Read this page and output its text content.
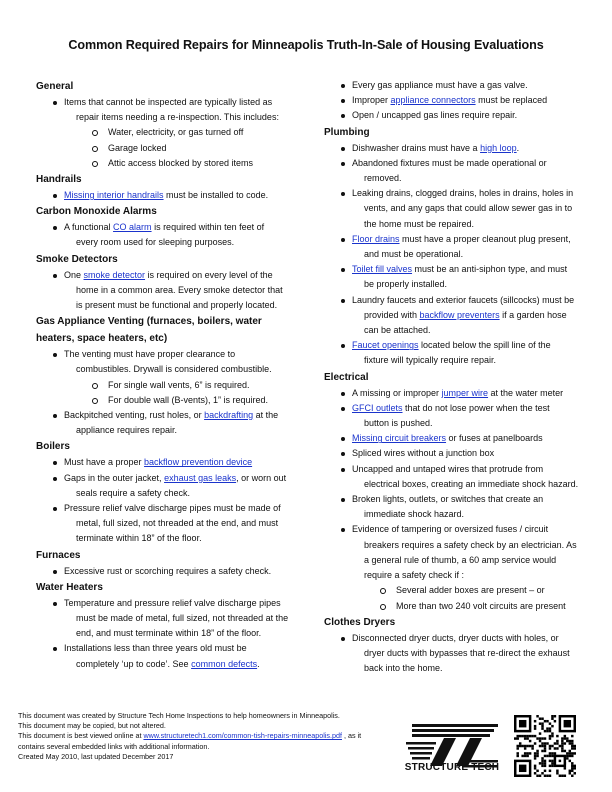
Common Required Repairs for Minneapolis Truth-In-Sale of Housing Evaluations
General
Items that cannot be inspected are typically listed as

repair items needing a re-inspection. This includes:
Water, electricity, or gas turned off
Garage locked
Attic access blocked by stored items
Handrails
Missing interior handrails must be installed to code.
Carbon Monoxide Alarms
A functional CO alarm is required within ten feet of

every room used for sleeping purposes.
Smoke Detectors
One smoke detector is required on every level of the

home in a common area. Every smoke detector that
is present must be functional and properly located.
Gas Appliance Venting (furnaces, boilers, water
heaters, space heaters, etc)
The venting must have proper clearance to

combustibles. Drywall is considered combustible.
For single wall vents, 6” is required.
For double wall (B-vents), 1” is required.
Backpitched venting, rust holes, or backdrafting at the

appliance requires repair.
Boilers
Must have a proper backflow prevention device
Gaps in the outer jacket, exhaust gas leaks, or worn out

seals require a safety check.
Pressure relief valve discharge pipes must be made of

metal, full sized, not threaded at the end, and must
terminate within 18” of the floor.
Furnaces
Excessive rust or scorching requires a safety check.
Water Heaters
Temperature and pressure relief valve discharge pipes

must be made of metal, full sized, not threaded at the
end, and must terminate within 18” of the floor.
Installations less than three years old must be

completely ‘up to code’. See common defects.
Every gas appliance must have a gas valve.
Improper appliance connectors must be replaced
Open / uncapped gas lines require repair.
Plumbing
Dishwasher drains must have a high loop.
Abandoned fixtures must be made operational or

removed.
Leaking drains, clogged drains, holes in drains, holes in

vents, and any gaps that could allow sewer gas in to
the home must be repaired.
Floor drains must have a proper cleanout plug present,

and must be operational.
Toilet fill valves must be an anti-siphon type, and must

be properly installed.
Laundry faucets and exterior faucets (sillcocks) must be

provided with backflow preventers if a garden hose
can be attached.
Faucet openings located below the spill line of the

fixture will typically require repair.
Electrical
A missing or improper jumper wire at the water meter
GFCI outlets that do not lose power when the test

button is pushed.
Missing circuit breakers or fuses at panelboards
Spliced wires without a junction box
Uncapped and untaped wires that protrude from

electrical boxes, creating an immediate shock hazard.
Broken lights, outlets, or switches that create an

immediate shock hazard.
Evidence of tampering or oversized fuses / circuit

breakers requires a safety check by an electrician. As
a general rule of thumb, a 60 amp service would
require a safety check if :
Several adder boxes are present – or
More than two 240 volt circuits are present
Clothes Dryers
Disconnected dryer ducts, dryer ducts with holes, or

dryer ducts with bypasses that re-direct the exhaust
back into the home.
This document was created by Structure Tech Home Inspections to help homeowners in Minneapolis.
This document may be copied, but not altered.
This document is best viewed online at www.structuretech1.com/common-tish-repairs-minneapolis.pdf , as it
contains several embedded links with additional information.
Created May 2010, last updated December 2017
STRUCTURE TECH
